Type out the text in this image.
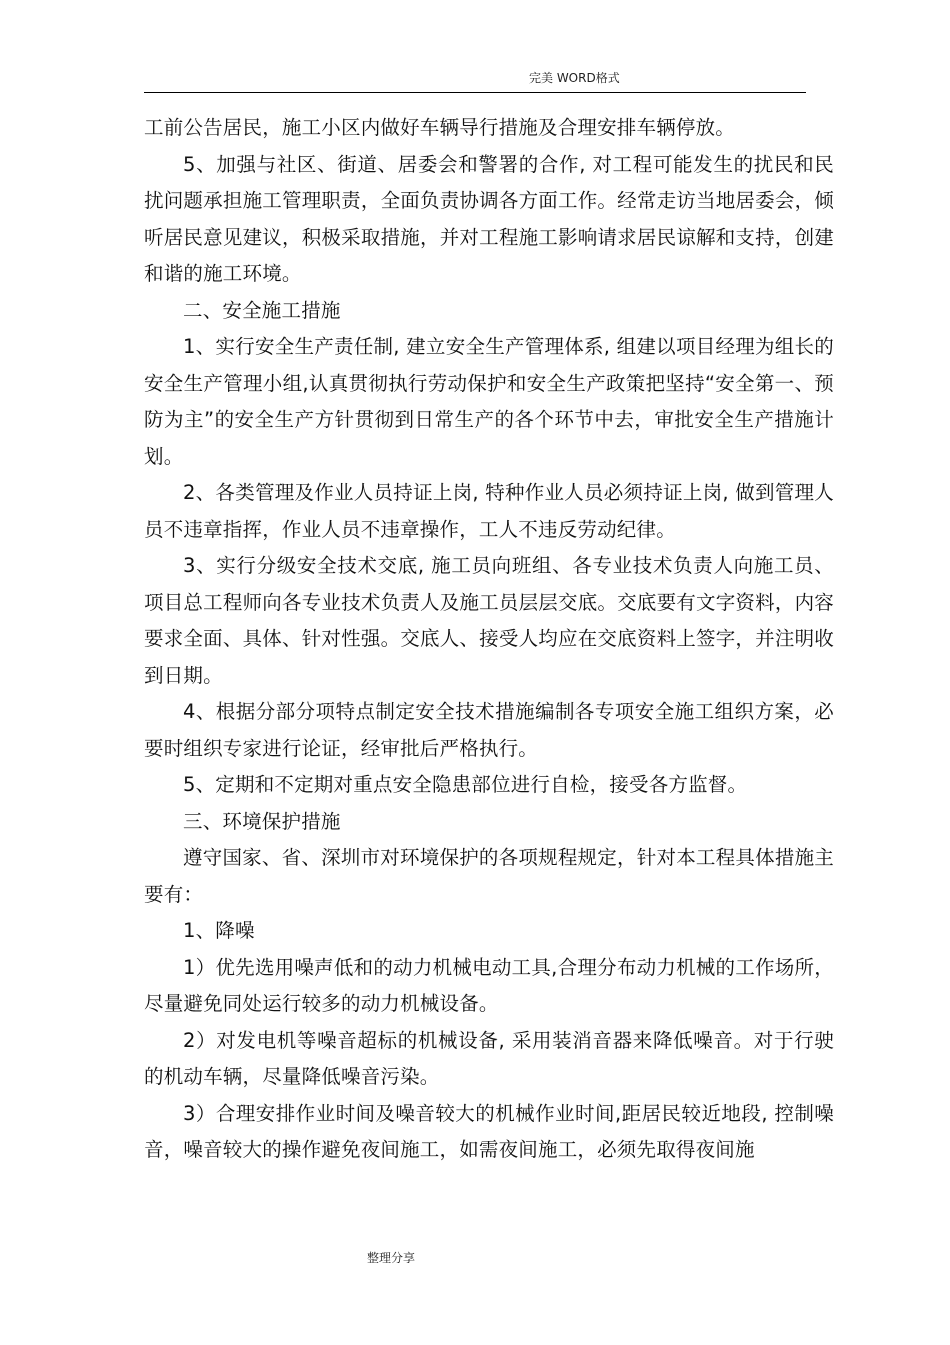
完美 WORD格式

工前公告居民，施工小区内做好车辆导行措施及合理安排车辆停放。

5、加强与社区、街道、居委会和警署的合作, 对工程可能发生的扰民和民扰问题承担施工管理职责，全面负责协调各方面工作。经常走访当地居委会，倾听居民意见建议，积极采取措施，并对工程施工影响请求居民谅解和支持，创建和谐的施工环境。

二、安全施工措施

1、实行安全生产责任制, 建立安全生产管理体系, 组建以项目经理为组长的安全生产管理小组,认真贯彻执行劳动保护和安全生产政策把坚持“安全第一、预防为主”的安全生产方针贯彻到日常生产的各个环节中去，审批安全生产措施计划。

2、各类管理及作业人员持证上岗, 特种作业人员必须持证上岗, 做到管理人员不违章指挥，作业人员不违章操作，工人不违反劳动纪律。

3、实行分级安全技术交底, 施工员向班组、各专业技术负责人向施工员、项目总工程师向各专业技术负责人及施工员层层交底。交底要有文字资料，内容要求全面、具体、针对性强。交底人、接受人均应在交底资料上签字，并注明收到日期。

4、根据分部分项特点制定安全技术措施编制各专项安全施工组织方案，必要时组织专家进行论证，经审批后严格执行。

5、定期和不定期对重点安全隐患部位进行自检，接受各方监督。

三、环境保护措施

遵守国家、省、深圳市对环境保护的各项规程规定，针对本工程具体措施主要有：

1、降噪

1）优先选用噪声低和的动力机械电动工具,合理分布动力机械的工作场所，尽量避免同处运行较多的动力机械设备。

2）对发电机等噪音超标的机械设备, 采用装消音器来降低噪音。对于行驶的机动车辆，尽量降低噪音污染。

3）合理安排作业时间及噪音较大的机械作业时间,距居民较近地段, 控制噪音，噪音较大的操作避免夜间施工，如需夜间施工，必须先取得夜间施

整理分享
